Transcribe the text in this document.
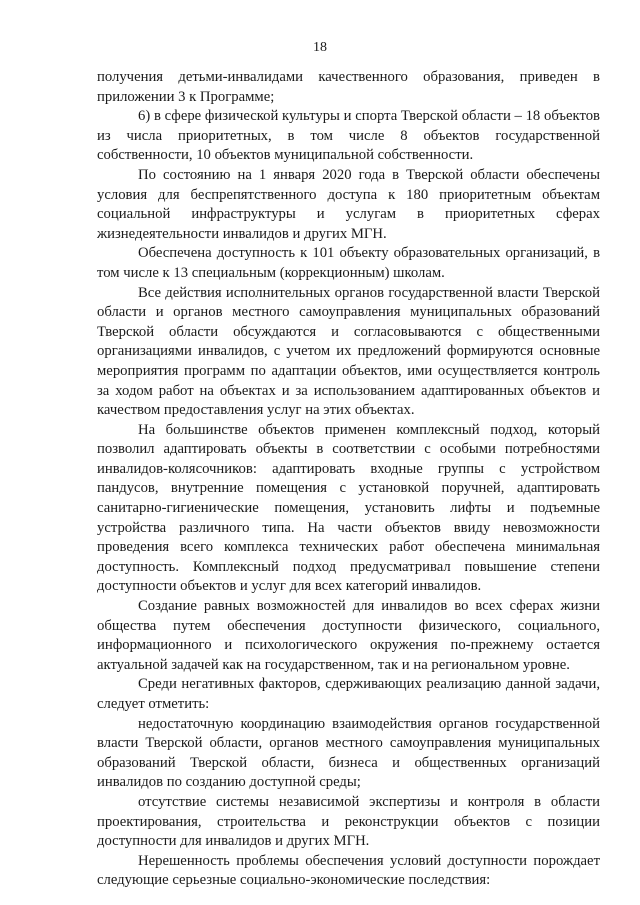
18

получения детьми-инвалидами качественного образования, приведен в приложении 3 к Программе;

6) в сфере физической культуры и спорта Тверской области – 18 объектов из числа приоритетных, в том числе 8 объектов государственной собственности, 10 объектов муниципальной собственности.

По состоянию на 1 января 2020 года в Тверской области обеспечены условия для беспрепятственного доступа к 180 приоритетным объектам социальной инфраструктуры и услугам в приоритетных сферах жизнедеятельности инвалидов и других МГН.

Обеспечена доступность к 101 объекту образовательных организаций, в том числе к 13 специальным (коррекционным) школам.

Все действия исполнительных органов государственной власти Тверской области и органов местного самоуправления муниципальных образований Тверской области обсуждаются и согласовываются с общественными организациями инвалидов, с учетом их предложений формируются основные мероприятия программ по адаптации объектов, ими осуществляется контроль за ходом работ на объектах и за использованием адаптированных объектов и качеством предоставления услуг на этих объектах.

На большинстве объектов применен комплексный подход, который позволил адаптировать объекты в соответствии с особыми потребностями инвалидов-колясочников: адаптировать входные группы с устройством пандусов, внутренние помещения с установкой поручней, адаптировать санитарно-гигиенические помещения, установить лифты и подъемные устройства различного типа. На части объектов ввиду невозможности проведения всего комплекса технических работ обеспечена минимальная доступность. Комплексный подход предусматривал повышение степени доступности объектов и услуг для всех категорий инвалидов.

Создание равных возможностей для инвалидов во всех сферах жизни общества путем обеспечения доступности физического, социального, информационного и психологического окружения по-прежнему остается актуальной задачей как на государственном, так и на региональном уровне.

Среди негативных факторов, сдерживающих реализацию данной задачи, следует отметить:

недостаточную координацию взаимодействия органов государственной власти Тверской области, органов местного самоуправления муниципальных образований Тверской области, бизнеса и общественных организаций инвалидов по созданию доступной среды;

отсутствие системы независимой экспертизы и контроля в области проектирования, строительства и реконструкции объектов с позиции доступности для инвалидов и других МГН.

Нерешенность проблемы обеспечения условий доступности порождает следующие серьезные социально-экономические последствия:
